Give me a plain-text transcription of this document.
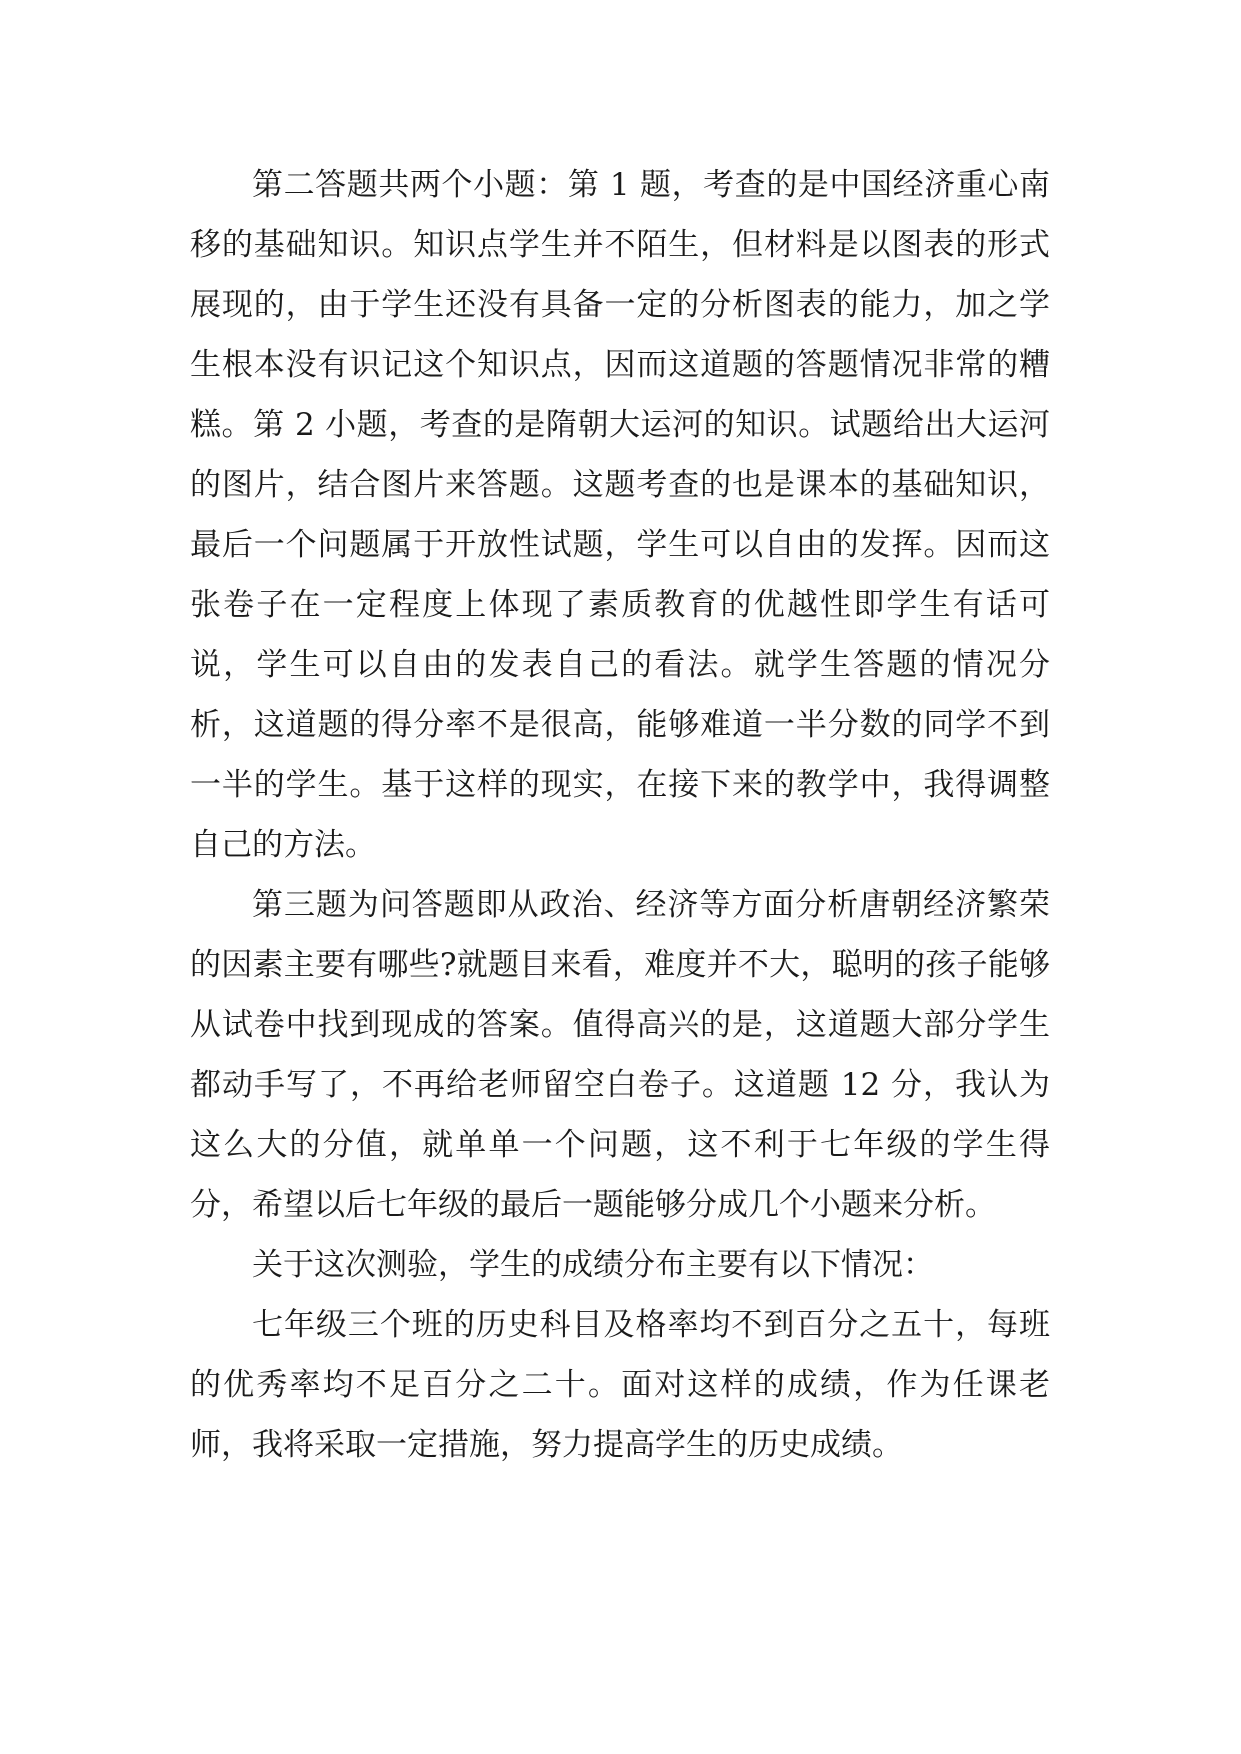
第二答题共两个小题：第 1 题，考查的是中国经济重心南移的基础知识。知识点学生并不陌生，但材料是以图表的形式展现的，由于学生还没有具备一定的分析图表的能力，加之学生根本没有识记这个知识点，因而这道题的答题情况非常的糟糕。第 2 小题，考查的是隋朝大运河的知识。试题给出大运河的图片，结合图片来答题。这题考查的也是课本的基础知识，最后一个问题属于开放性试题，学生可以自由的发挥。因而这张卷子在一定程度上体现了素质教育的优越性即学生有话可说，学生可以自由的发表自己的看法。就学生答题的情况分析，这道题的得分率不是很高，能够难道一半分数的同学不到一半的学生。基于这样的现实，在接下来的教学中，我得调整自己的方法。

第三题为问答题即从政治、经济等方面分析唐朝经济繁荣的因素主要有哪些?就题目来看，难度并不大，聪明的孩子能够从试卷中找到现成的答案。值得高兴的是，这道题大部分学生都动手写了，不再给老师留空白卷子。这道题 12 分，我认为这么大的分值，就单单一个问题，这不利于七年级的学生得分，希望以后七年级的最后一题能够分成几个小题来分析。

关于这次测验，学生的成绩分布主要有以下情况：

七年级三个班的历史科目及格率均不到百分之五十，每班的优秀率均不足百分之二十。面对这样的成绩，作为任课老师，我将采取一定措施，努力提高学生的历史成绩。
